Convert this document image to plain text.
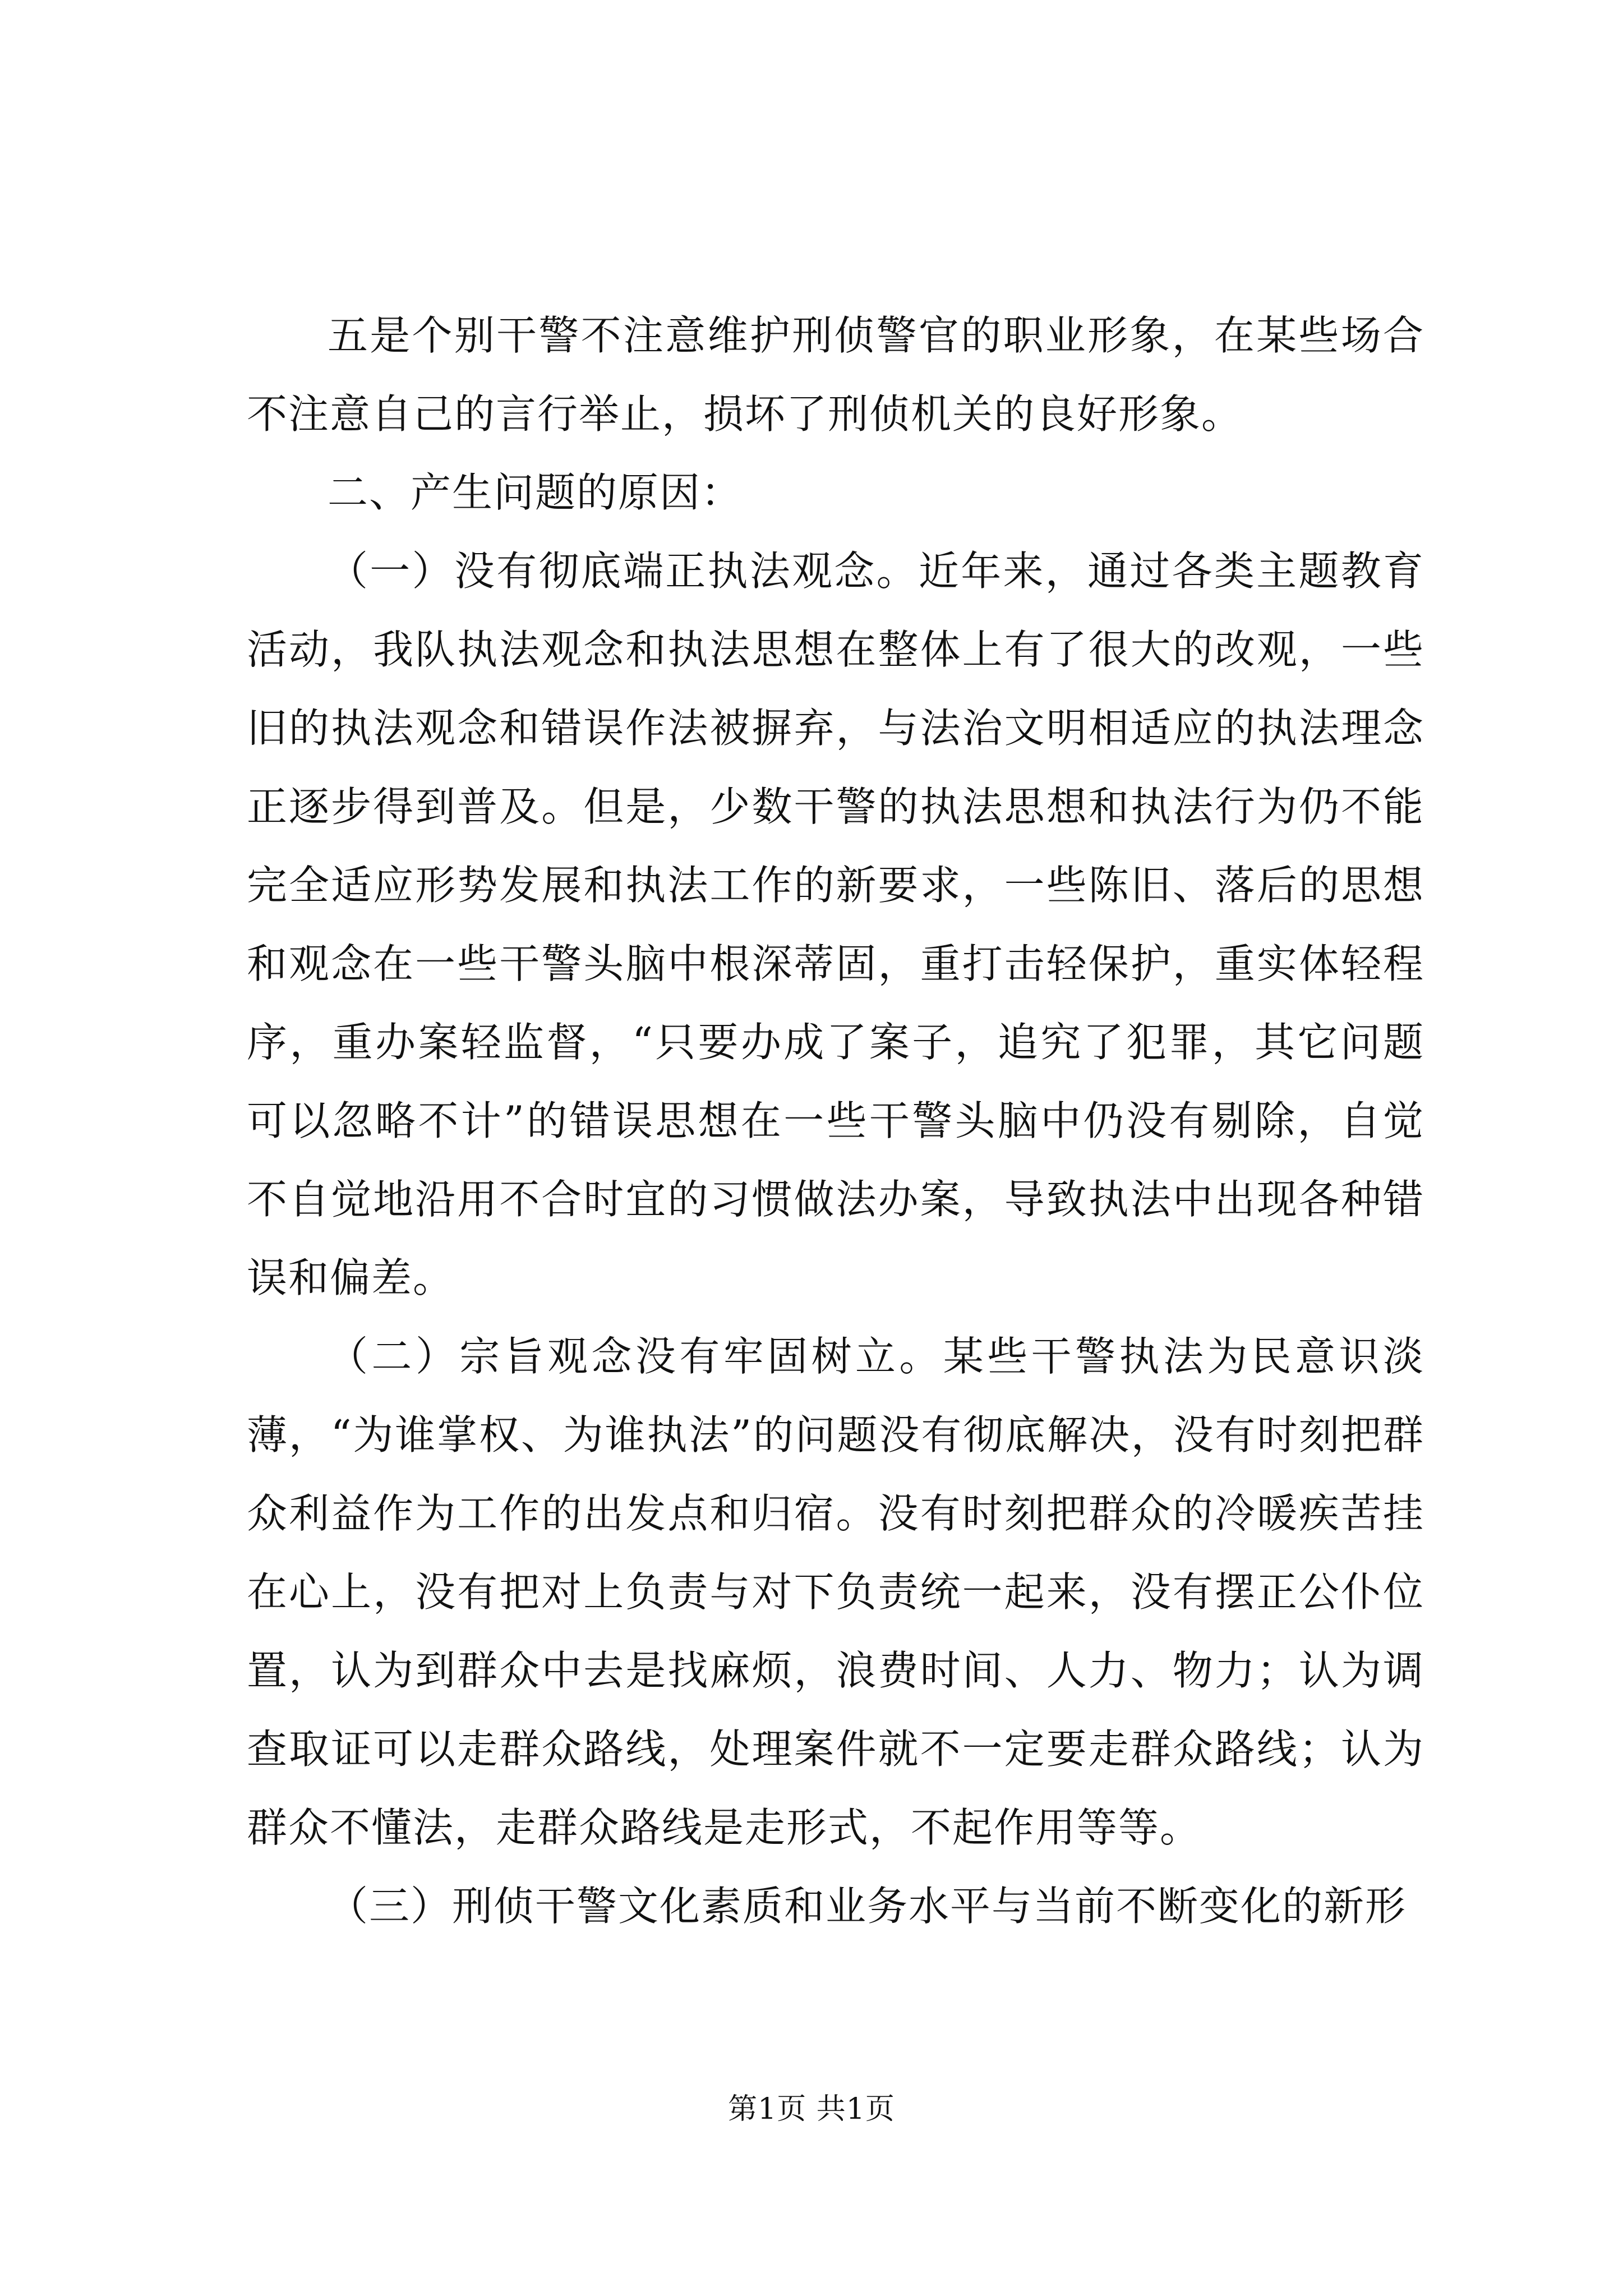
五是个别干警不注意维护刑侦警官的职业形象，在某些场合不注意自己的言行举止，损坏了刑侦机关的良好形象。

二、产生问题的原因：

（一）没有彻底端正执法观念。近年来，通过各类主题教育活动，我队执法观念和执法思想在整体上有了很大的改观，一些旧的执法观念和错误作法被摒弃，与法治文明相适应的执法理念正逐步得到普及。但是，少数干警的执法思想和执法行为仍不能完全适应形势发展和执法工作的新要求，一些陈旧、落后的思想和观念在一些干警头脑中根深蒂固，重打击轻保护，重实体轻程序，重办案轻监督，“只要办成了案子，追究了犯罪，其它问题可以忽略不计”的错误思想在一些干警头脑中仍没有剔除，自觉不自觉地沿用不合时宜的习惯做法办案，导致执法中出现各种错误和偏差。

（二）宗旨观念没有牢固树立。某些干警执法为民意识淡薄，“为谁掌权、为谁执法”的问题没有彻底解决，没有时刻把群众利益作为工作的出发点和归宿。没有时刻把群众的冷暖疾苦挂在心上，没有把对上负责与对下负责统一起来，没有摆正公仆位置，认为到群众中去是找麻烦，浪费时间、人力、物力；认为调查取证可以走群众路线，处理案件就不一定要走群众路线；认为群众不懂法，走群众路线是走形式，不起作用等等。

（三）刑侦干警文化素质和业务水平与当前不断变化的新形

第1页 共1页
